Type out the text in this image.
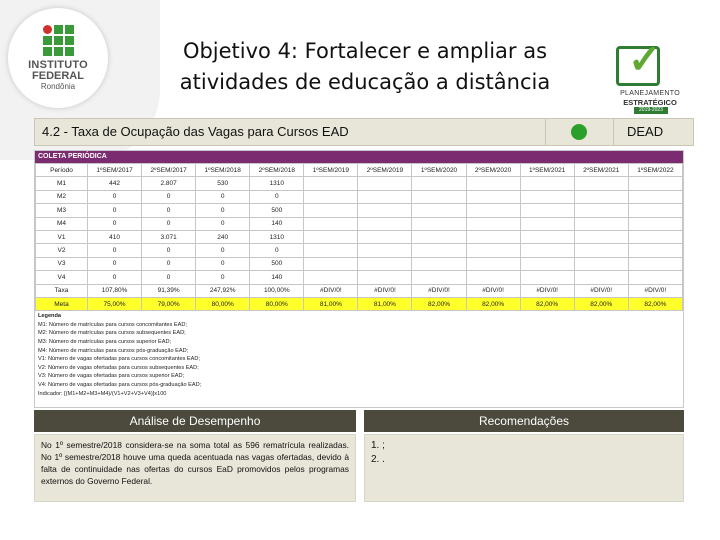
INSTITUTO
FEDERAL
Rondônia
Objetivo 4: Fortalecer e ampliar as
atividades de educação a distância	✓
PLANEJAMENTO
ESTRATÉGICO
2019-2023
4.2 - Taxa de Ocupação das Vagas para Cursos EAD	DEAD
COLETA PERIÓDICA
Período	1ºSEM/2017	2ºSEM/2017	1ºSEM/2018	2ºSEM/2018	1ºSEM/2019	2ºSEM/2019	1ºSEM/2020	2ºSEM/2020	1ºSEM/2021	2ºSEM/2021	1ºSEM/2022
M1	442	2.807	530	1310							
M2	0	0	0	0							
M3	0	0	0	500							
M4	0	0	0	140							
V1	410	3.071	240	1310							
V2	0	0	0	0							
V3	0	0	0	500							
V4	0	0	0	140							
Taxa	107,80%	91,39%	247,92%	100,00%	#DIV/0!	#DIV/0!	#DIV/0!	#DIV/0!	#DIV/0!	#DIV/0!	#DIV/0!
Meta	75,00%	79,00%	80,00%	80,00%	81,00%	81,00%	82,00%	82,00%	82,00%	82,00%	82,00%
Legenda
M1: Número de matrículas para cursos concomitantes EAD;
M2: Número de matrículas para cursos subsequentes EAD;
M3: Número de matrículas para cursos superior EAD;
M4: Número de matrículas para cursos pós-graduação EAD;
V1: Número de vagas ofertadas para cursos concomitantes EAD;
V2: Número de vagas ofertadas para cursos subsequentes EAD;
V3: Número de vagas ofertadas para cursos superior EAD;
V4: Número de vagas ofertadas para cursos pós-graduação EAD;
Indicador: [(M1+M2+M3+M4)/(V1+V2+V3+V4)]x100
Análise de Desempenho
No 1º semestre/2018 considera-se na soma total as 596 rematrícula realizadas. No 1º semestre/2018 houve uma queda acentuada nas vagas ofertadas, devido à falta de continuidade nas ofertas do cursos EaD promovidos pelos programas externos do Governo Federal.
Recomendações
1. ;
2. .
